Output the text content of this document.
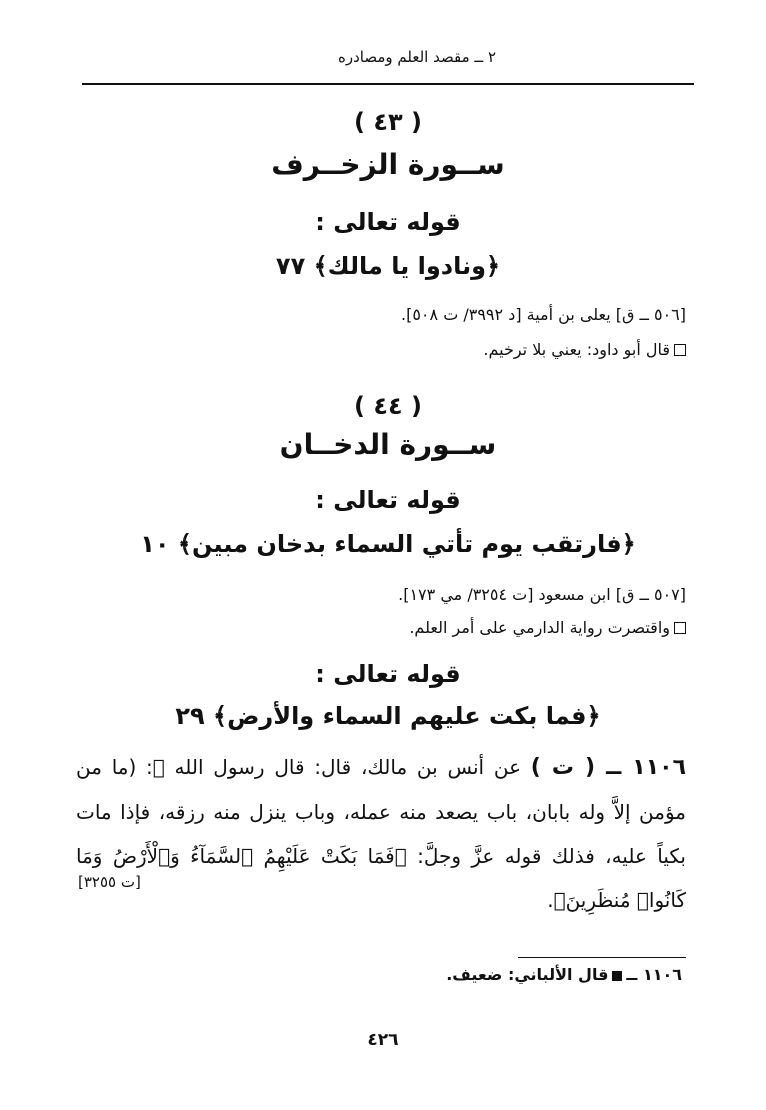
٢ ــ مقصد العلم ومصادره
( ٤٣ )
ســورة الزخــرف
قوله تعالى :
﴿ونادوا يا مالك﴾ ٧٧
[٥٠٦ ــ ق] يعلى بن أمية [د ٣٩٩٢/ ت ٥٠٨].
قال أبو داود: يعني بلا ترخيم.
( ٤٤ )
ســورة الدخــان
قوله تعالى :
﴿فارتقب يوم تأتي السماء بدخان مبين﴾ ١٠
[٥٠٧ ــ ق] ابن مسعود [ت ٣٢٥٤/ مي ١٧٣].
واقتصرت رواية الدارمي على أمر العلم.
قوله تعالى :
﴿فما بكت عليهم السماء والأرض﴾ ٢٩
١١٠٦ ــ ( ت ) عن أنس بن مالك، قال: قال رسول الله ﷺ: (ما من مؤمن إلاَّ وله بابان، باب يصعد منه عمله، وباب ينزل منه رزقه، فإذا مات بكياً عليه، فذلك قوله عزَّ وجلَّ: ﴿فَمَا بَكَتْ عَلَيْهِمُ ٱلسَّمَآءُ وَٱلْأَرْضُ وَمَا كَانُوا۟ مُنظَرِينَ﴾.
[ت ٣٢٥٥]
١١٠٦ ــقال الألباني: ضعيف.
٤٢٦
